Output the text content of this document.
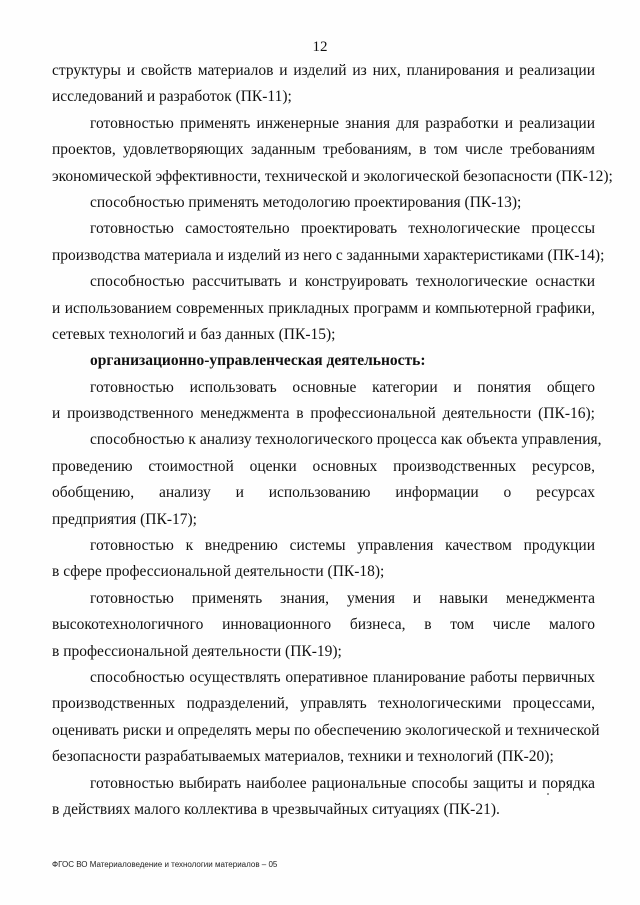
12
структуры и свойств материалов и изделий из них, планирования и реализации
исследований и разработок (ПК-11);
готовностью применять инженерные знания для разработки и реализации
проектов, удовлетворяющих заданным требованиям, в том числе требованиям
экономической эффективности, технической и экологической безопасности (ПК-12);
способностью применять методологию проектирования (ПК-13);
готовностью самостоятельно проектировать технологические процессы
производства материала и изделий из него с заданными характеристиками (ПК-14);
способностью рассчитывать и конструировать технологические оснастки
и использованием современных прикладных программ и компьютерной графики,
сетевых технологий и баз данных (ПК-15);
организационно-управленческая деятельность:
готовностью использовать основные категории и понятия общего
и производственного менеджмента в профессиональной деятельности (ПК-16);
способностью к анализу технологического процесса как объекта управления,
проведению стоимостной оценки основных производственных ресурсов,
обобщению, анализу и использованию информации о ресурсах
предприятия (ПК-17);
готовностью к внедрению системы управления качеством продукции
в сфере профессиональной деятельности (ПК-18);
готовностью применять знания, умения и навыки менеджмента
высокотехнологичного инновационного бизнеса, в том числе малого
в профессиональной деятельности (ПК-19);
способностью осуществлять оперативное планирование работы первичных
производственных подразделений, управлять технологическими процессами,
оценивать риски и определять меры по обеспечению экологической и технической
безопасности разрабатываемых материалов, техники и технологий (ПК-20);
готовностью выбирать наиболее рациональные способы защиты и порядка
в действиях малого коллектива в чрезвычайных ситуациях (ПК-21).
ФГОС ВО Материаловедение и технологии материалов – 05
